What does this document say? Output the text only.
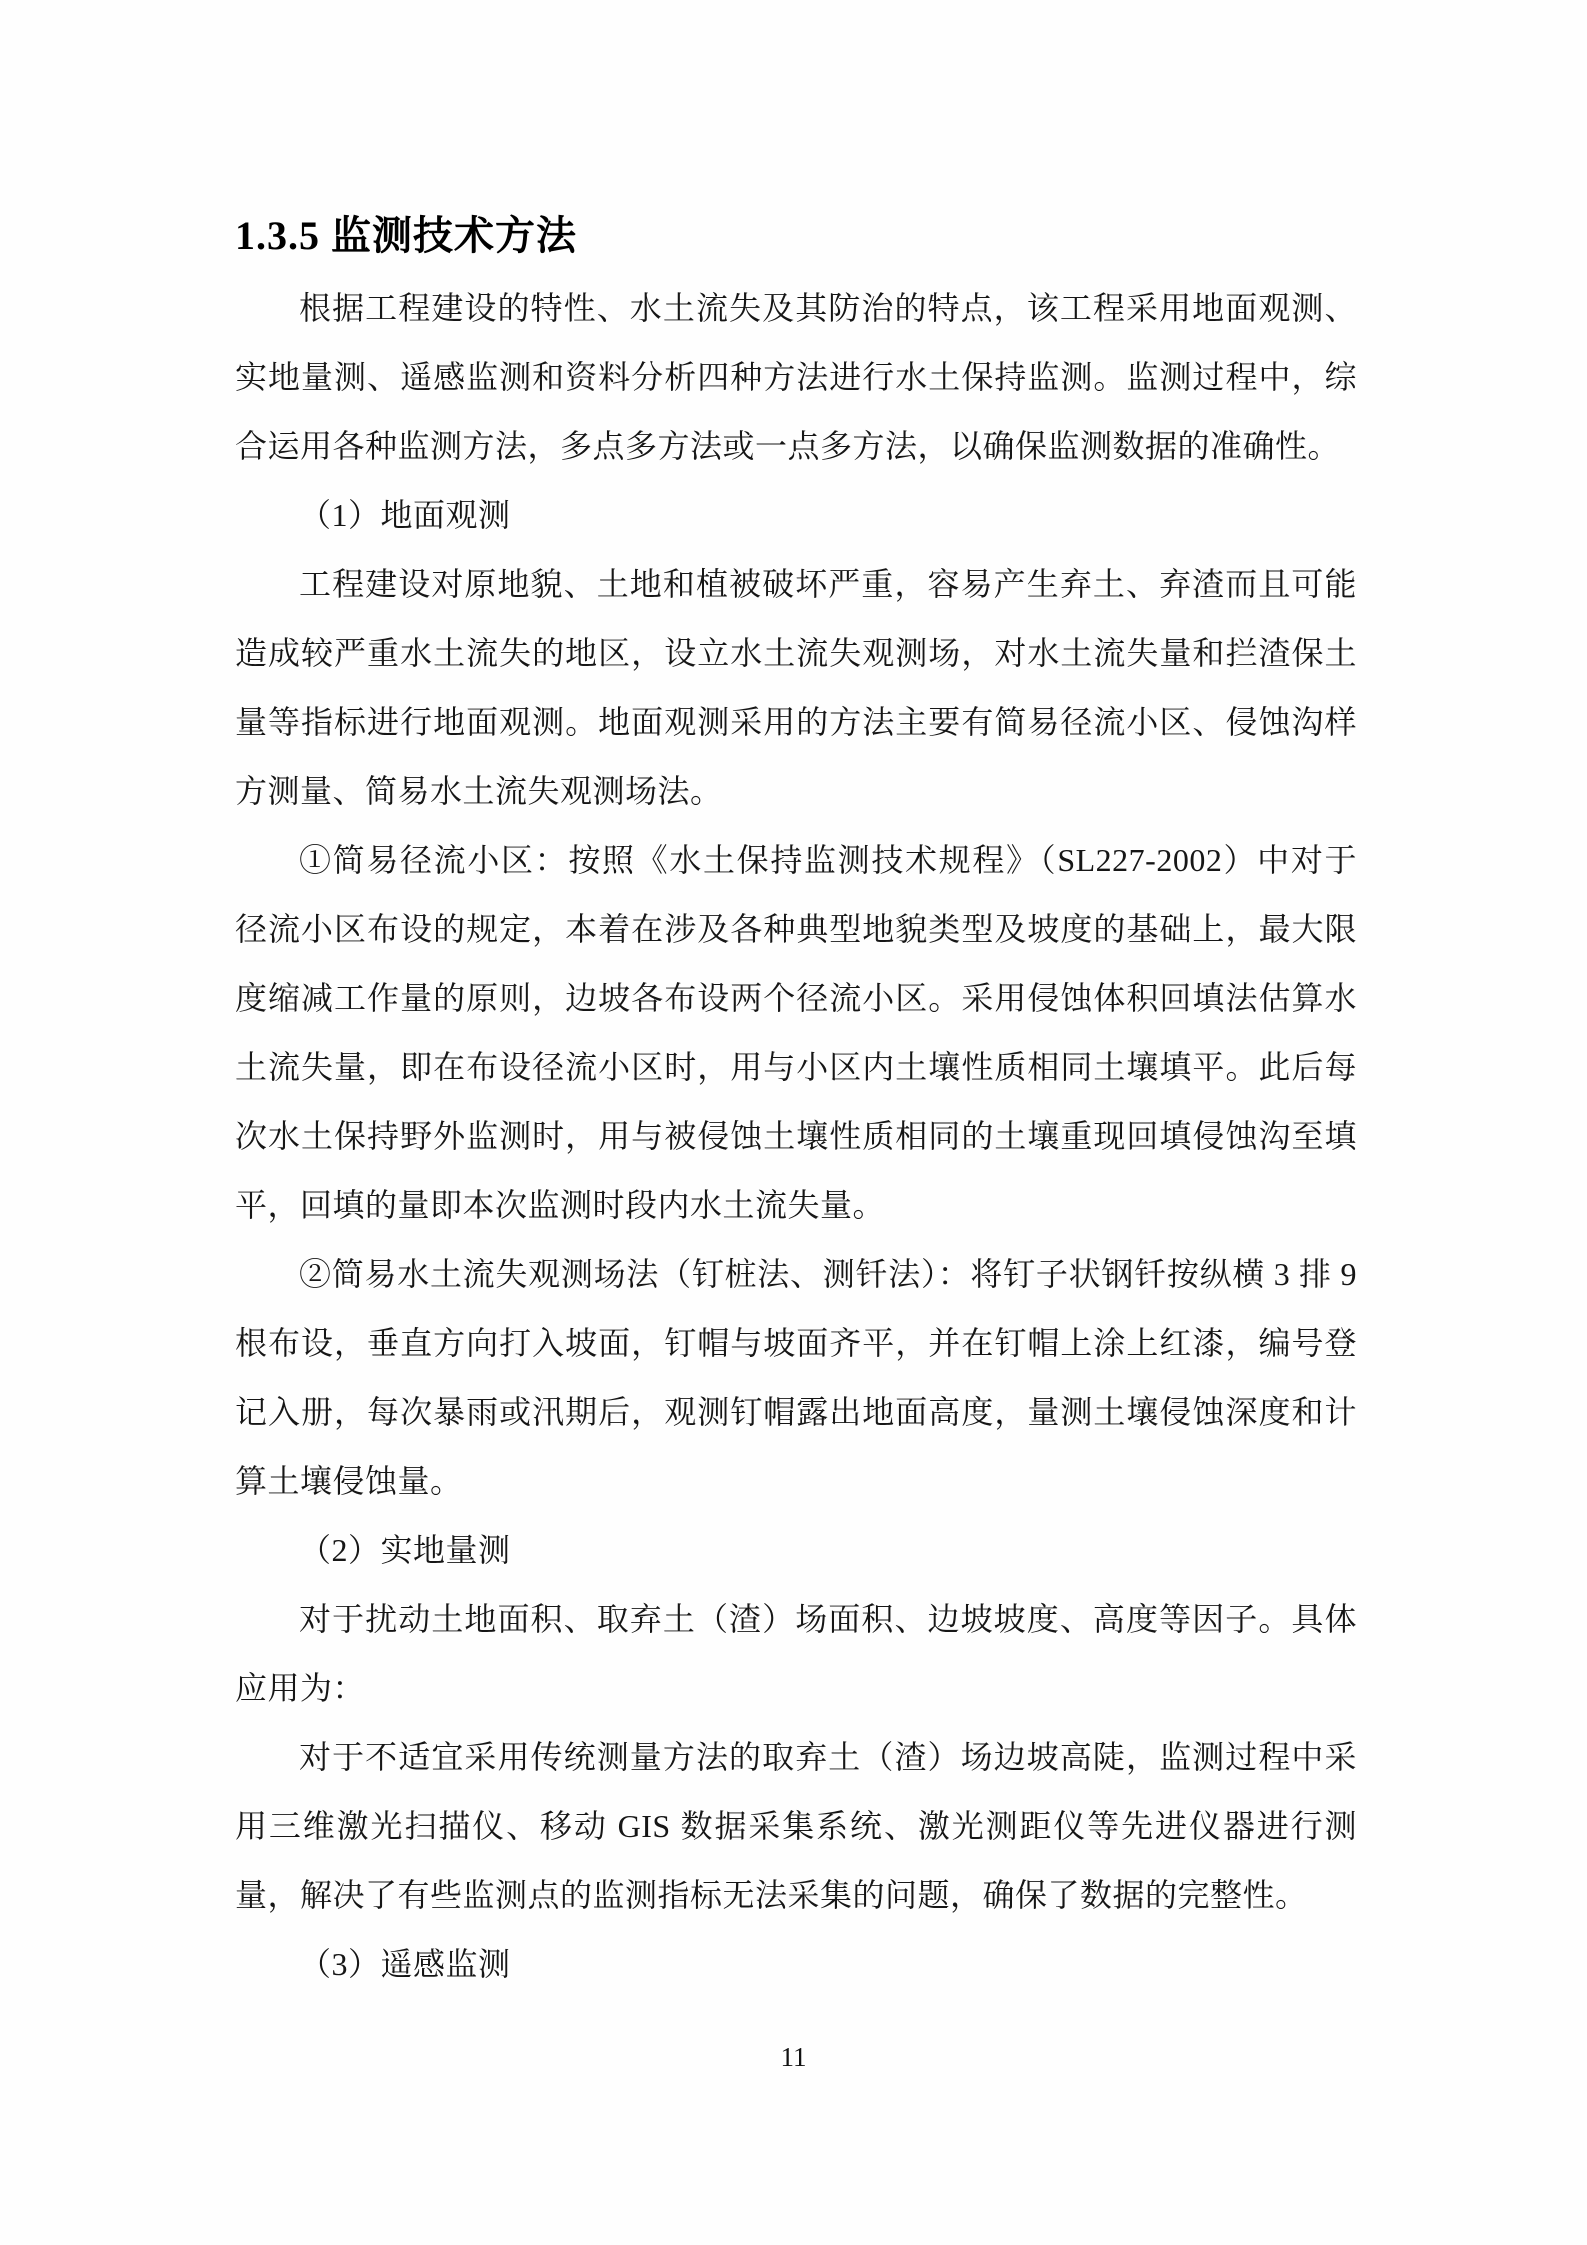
1.3.5 监测技术方法

根据工程建设的特性、水土流失及其防治的特点，该工程采用地面观测、实地量测、遥感监测和资料分析四种方法进行水土保持监测。监测过程中，综合运用各种监测方法，多点多方法或一点多方法，以确保监测数据的准确性。

（1）地面观测

工程建设对原地貌、土地和植被破坏严重，容易产生弃土、弃渣而且可能造成较严重水土流失的地区，设立水土流失观测场，对水土流失量和拦渣保土量等指标进行地面观测。地面观测采用的方法主要有简易径流小区、侵蚀沟样方测量、简易水土流失观测场法。

①简易径流小区：按照《水土保持监测技术规程》（SL227-2002）中对于径流小区布设的规定，本着在涉及各种典型地貌类型及坡度的基础上，最大限度缩减工作量的原则，边坡各布设两个径流小区。采用侵蚀体积回填法估算水土流失量，即在布设径流小区时，用与小区内土壤性质相同土壤填平。此后每次水土保持野外监测时，用与被侵蚀土壤性质相同的土壤重现回填侵蚀沟至填平，回填的量即本次监测时段内水土流失量。

②简易水土流失观测场法（钉桩法、测钎法）：将钉子状钢钎按纵横 3 排 9 根布设，垂直方向打入坡面，钉帽与坡面齐平，并在钉帽上涂上红漆，编号登记入册，每次暴雨或汛期后，观测钉帽露出地面高度，量测土壤侵蚀深度和计算土壤侵蚀量。

（2）实地量测

对于扰动土地面积、取弃土（渣）场面积、边坡坡度、高度等因子。具体应用为：

对于不适宜采用传统测量方法的取弃土（渣）场边坡高陡，监测过程中采用三维激光扫描仪、移动 GIS 数据采集系统、激光测距仪等先进仪器进行测量，解决了有些监测点的监测指标无法采集的问题，确保了数据的完整性。

（3）遥感监测

11
